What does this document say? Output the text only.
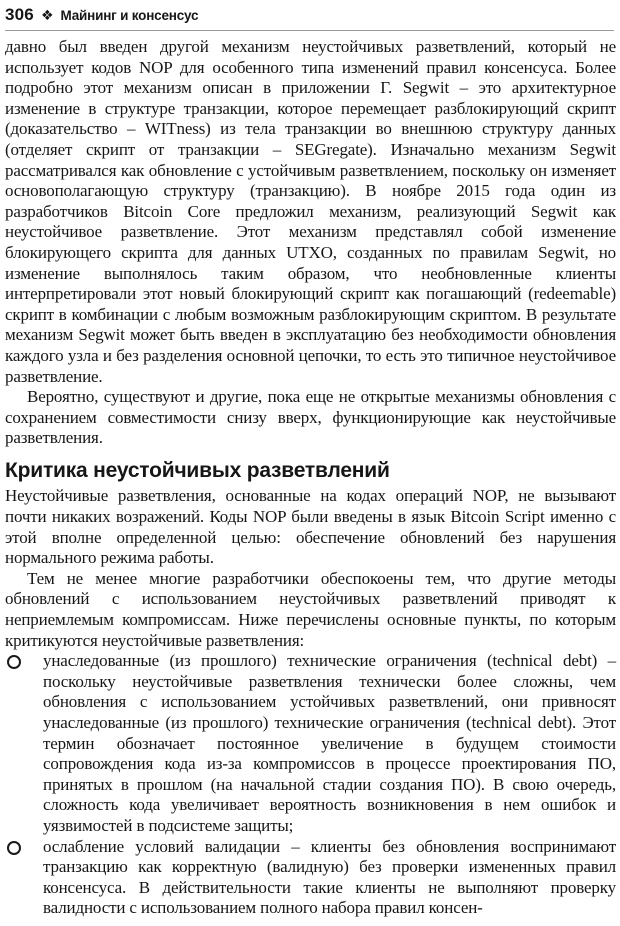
306 ❖ Майнинг и консенсус

давно был введен другой механизм неустойчивых разветвлений, который не использует кодов NOP для особенного типа изменений правил консенсуса. Более подробно этот механизм описан в приложении Г. Segwit – это архитектурное изменение в структуре транзакции, которое перемещает разблокирующий скрипт (доказательство – WITness) из тела транзакции во внешнюю структуру данных (отделяет скрипт от транзакции – SEGregate). Изначально механизм Segwit рассматривался как обновление с устойчивым разветвлением, поскольку он изменяет основополагающую структуру (транзакцию). В ноябре 2015 года один из разработчиков Bitcoin Core предложил механизм, реализующий Segwit как неустойчивое разветвление. Этот механизм представлял собой изменение блокирующего скрипта для данных UTXO, созданных по правилам Segwit, но изменение выполнялось таким образом, что необновленные клиенты интерпретировали этот новый блокирующий скрипт как погашающий (redeemable) скрипт в комбинации с любым возможным разблокирующим скриптом. В результате механизм Segwit может быть введен в эксплуатацию без необходимости обновления каждого узла и без разделения основной цепочки, то есть это типичное неустойчивое разветвление.

Вероятно, существуют и другие, пока еще не открытые механизмы обновления с сохранением совместимости снизу вверх, функционирующие как неустойчивые разветвления.

Критика неустойчивых разветвлений

Неустойчивые разветвления, основанные на кодах операций NOP, не вызывают почти никаких возражений. Коды NOP были введены в язык Bitcoin Script именно с этой вполне определенной целью: обеспечение обновлений без нарушения нормального режима работы.

Тем не менее многие разработчики обеспокоены тем, что другие методы обновлений с использованием неустойчивых разветвлений приводят к неприемлемым компромиссам. Ниже перечислены основные пункты, по которым критикуются неустойчивые разветвления:

унаследованные (из прошлого) технические ограничения (technical debt) – поскольку неустойчивые разветвления технически более сложны, чем обновления с использованием устойчивых разветвлений, они привносят унаследованные (из прошлого) технические ограничения (technical debt). Этот термин обозначает постоянное увеличение в будущем стоимости сопровождения кода из-за компромиссов в процессе проектирования ПО, принятых в прошлом (на начальной стадии создания ПО). В свою очередь, сложность кода увеличивает вероятность возникновения в нем ошибок и уязвимостей в подсистеме защиты;
ослабление условий валидации – клиенты без обновления воспринимают транзакцию как корректную (валидную) без проверки измененных правил консенсуса. В действительности такие клиенты не выполняют проверку валидности с использованием полного набора правил консен-
